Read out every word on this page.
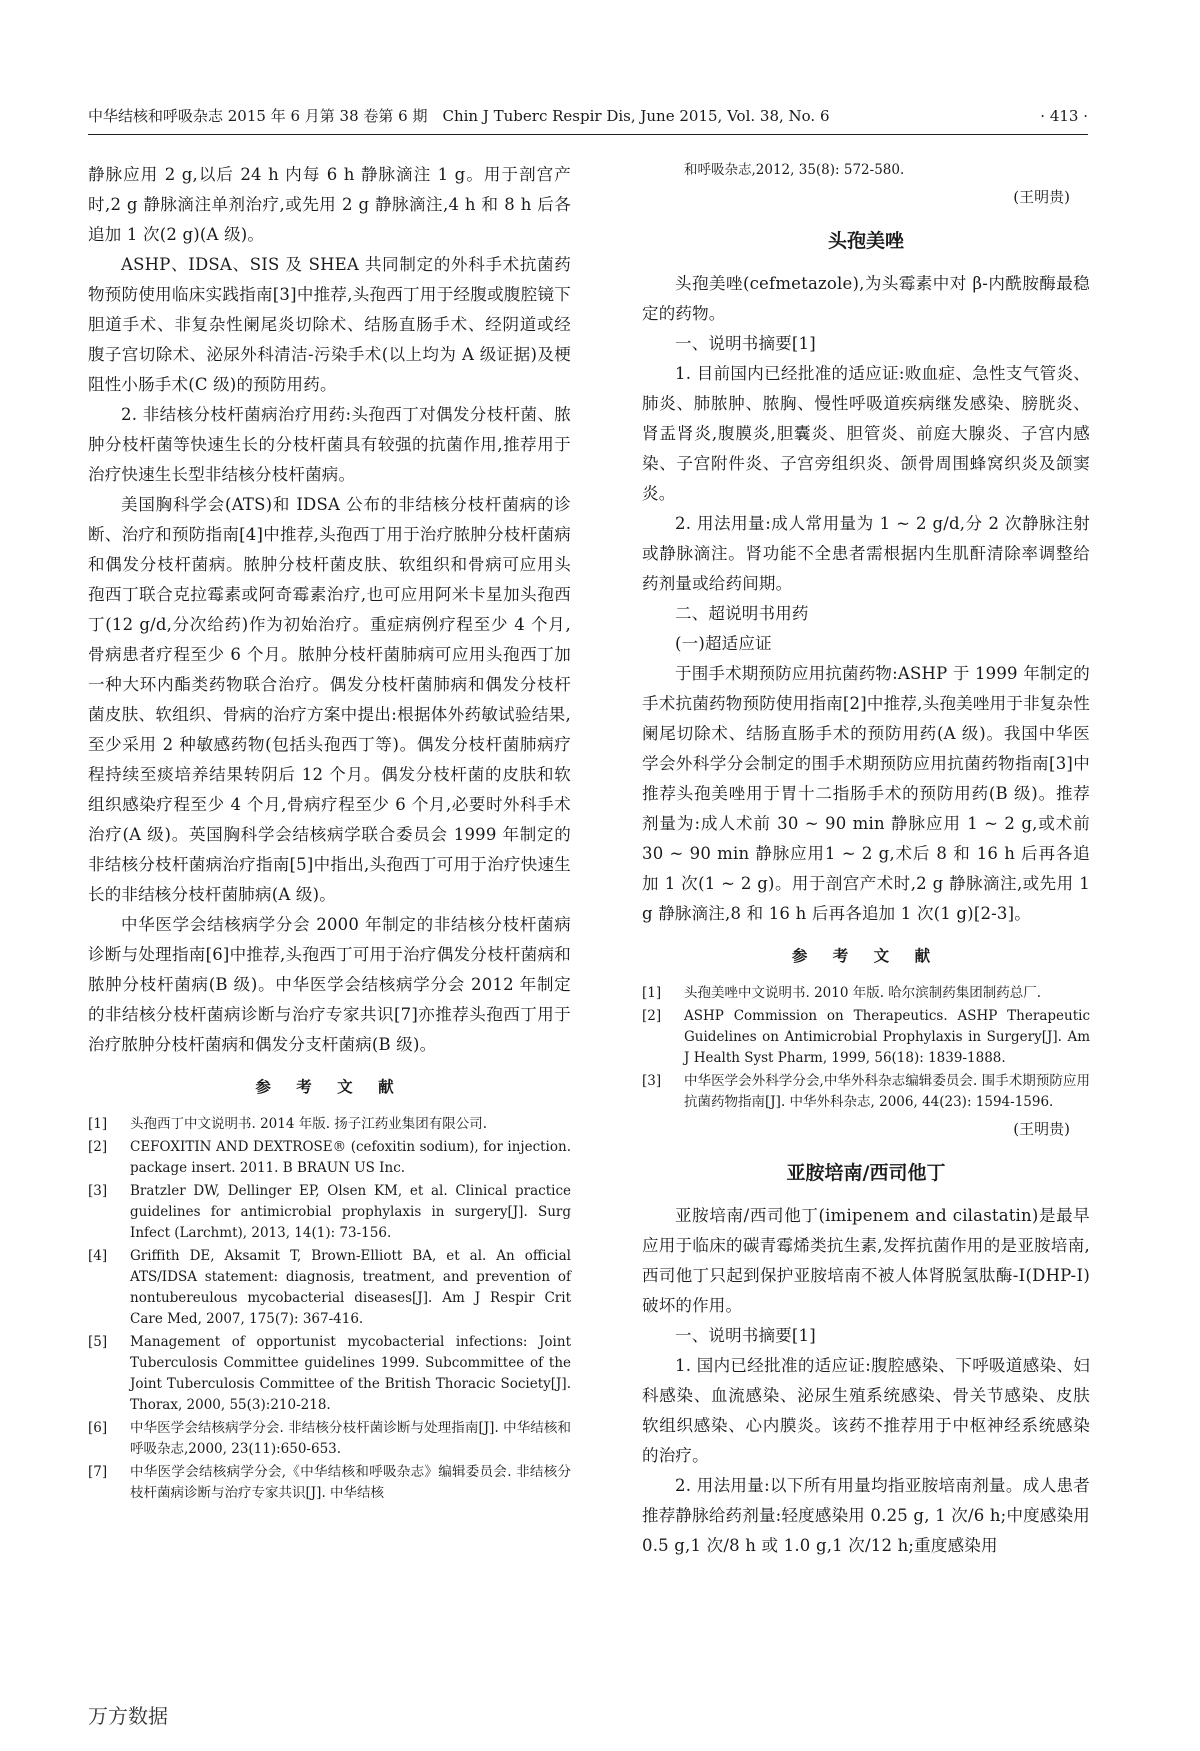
中华结核和呼吸杂志 2015 年 6 月第 38 卷第 6 期　Chin J Tuberc Respir Dis, June 2015, Vol. 38, No. 6	· 413 ·

静脉应用 2 g,以后 24 h 内每 6 h 静脉滴注 1 g。用于剖宫产时,2 g 静脉滴注单剂治疗,或先用 2 g 静脉滴注,4 h 和 8 h 后各追加 1 次(2 g)(A 级)。

ASHP、IDSA、SIS 及 SHEA 共同制定的外科手术抗菌药物预防使用临床实践指南[3]中推荐,头孢西丁用于经腹或腹腔镜下胆道手术、非复杂性阑尾炎切除术、结肠直肠手术、经阴道或经腹子宫切除术、泌尿外科清洁-污染手术(以上均为 A 级证据)及梗阻性小肠手术(C 级)的预防用药。

2. 非结核分枝杆菌病治疗用药:头孢西丁对偶发分枝杆菌、脓肿分枝杆菌等快速生长的分枝杆菌具有较强的抗菌作用,推荐用于治疗快速生长型非结核分枝杆菌病。

美国胸科学会(ATS)和 IDSA 公布的非结核分枝杆菌病的诊断、治疗和预防指南[4]中推荐,头孢西丁用于治疗脓肿分枝杆菌病和偶发分枝杆菌病。脓肿分枝杆菌皮肤、软组织和骨病可应用头孢西丁联合克拉霉素或阿奇霉素治疗,也可应用阿米卡星加头孢西丁(12 g/d,分次给药)作为初始治疗。重症病例疗程至少 4 个月,骨病患者疗程至少 6 个月。脓肿分枝杆菌肺病可应用头孢西丁加一种大环内酯类药物联合治疗。偶发分枝杆菌肺病和偶发分枝杆菌皮肤、软组织、骨病的治疗方案中提出:根据体外药敏试验结果,至少采用 2 种敏感药物(包括头孢西丁等)。偶发分枝杆菌肺病疗程持续至痰培养结果转阴后 12 个月。偶发分枝杆菌的皮肤和软组织感染疗程至少 4 个月,骨病疗程至少 6 个月,必要时外科手术治疗(A 级)。英国胸科学会结核病学联合委员会 1999 年制定的非结核分枝杆菌病治疗指南[5]中指出,头孢西丁可用于治疗快速生长的非结核分枝杆菌肺病(A 级)。

中华医学会结核病学分会 2000 年制定的非结核分枝杆菌病诊断与处理指南[6]中推荐,头孢西丁可用于治疗偶发分枝杆菌病和脓肿分枝杆菌病(B 级)。中华医学会结核病学分会 2012 年制定的非结核分枝杆菌病诊断与治疗专家共识[7]亦推荐头孢西丁用于治疗脓肿分枝杆菌病和偶发分支杆菌病(B 级)。

参 考 文 献
[1] 头孢西丁中文说明书. 2014 年版. 扬子江药业集团有限公司.
[2] CEFOXITIN AND DEXTROSE® (cefoxitin sodium), for injection. package insert. 2011. B BRAUN US Inc.
[3] Bratzler DW, Dellinger EP, Olsen KM, et al. Clinical practice guidelines for antimicrobial prophylaxis in surgery[J]. Surg Infect (Larchmt), 2013, 14(1): 73-156.
[4] Griffith DE, Aksamit T, Brown-Elliott BA, et al. An official ATS/IDSA statement: diagnosis, treatment, and prevention of nontubereulous mycobacterial diseases[J]. Am J Respir Crit Care Med, 2007, 175(7): 367-416.
[5] Management of opportunist mycobacterial infections: Joint Tuberculosis Committee guidelines 1999. Subcommittee of the Joint Tuberculosis Committee of the British Thoracic Society[J]. Thorax, 2000, 55(3):210-218.
[6] 中华医学会结核病学分会. 非结核分枝杆菌诊断与处理指南[J]. 中华结核和呼吸杂志,2000, 23(11):650-653.
[7] 中华医学会结核病学分会,《中华结核和呼吸杂志》编辑委员会. 非结核分枝杆菌病诊断与治疗专家共识[J]. 中华结核
和呼吸杂志,2012, 35(8): 572-580.
(王明贵)
头孢美唑

头孢美唑(cefmetazole),为头霉素中对 β-内酰胺酶最稳定的药物。

一、说明书摘要[1]

1. 目前国内已经批准的适应证:败血症、急性支气管炎、肺炎、肺脓肿、脓胸、慢性呼吸道疾病继发感染、膀胱炎、肾盂肾炎,腹膜炎,胆囊炎、胆管炎、前庭大腺炎、子宫内感染、子宫附件炎、子宫旁组织炎、颌骨周围蜂窝织炎及颌窦炎。

2. 用法用量:成人常用量为 1 ~ 2 g/d,分 2 次静脉注射或静脉滴注。肾功能不全患者需根据内生肌酐清除率调整给药剂量或给药间期。

二、超说明书用药

(一)超适应证

于围手术期预防应用抗菌药物:ASHP 于 1999 年制定的手术抗菌药物预防使用指南[2]中推荐,头孢美唑用于非复杂性阑尾切除术、结肠直肠手术的预防用药(A 级)。我国中华医学会外科学分会制定的围手术期预防应用抗菌药物指南[3]中推荐头孢美唑用于胃十二指肠手术的预防用药(B 级)。推荐剂量为:成人术前 30 ~ 90 min 静脉应用 1 ~ 2 g,或术前 30 ~ 90 min 静脉应用1 ~ 2 g,术后 8 和 16 h 后再各追加 1 次(1 ~ 2 g)。用于剖宫产术时,2 g 静脉滴注,或先用 1 g 静脉滴注,8 和 16 h 后再各追加 1 次(1 g)[2-3]。

参 考 文 献
[1] 头孢美唑中文说明书. 2010 年版. 哈尔滨制药集团制药总厂.
[2] ASHP Commission on Therapeutics. ASHP Therapeutic Guidelines on Antimicrobial Prophylaxis in Surgery[J]. Am J Health Syst Pharm, 1999, 56(18): 1839-1888.
[3] 中华医学会外科学分会,中华外科杂志编辑委员会. 围手术期预防应用抗菌药物指南[J]. 中华外科杂志, 2006, 44(23): 1594-1596.
(王明贵)
亚胺培南/西司他丁

亚胺培南/西司他丁(imipenem and cilastatin)是最早应用于临床的碳青霉烯类抗生素,发挥抗菌作用的是亚胺培南,西司他丁只起到保护亚胺培南不被人体肾脱氢肽酶-Ⅰ(DHP-Ⅰ)破坏的作用。

一、说明书摘要[1]

1. 国内已经批准的适应证:腹腔感染、下呼吸道感染、妇科感染、血流感染、泌尿生殖系统感染、骨关节感染、皮肤软组织感染、心内膜炎。该药不推荐用于中枢神经系统感染的治疗。

2. 用法用量:以下所有用量均指亚胺培南剂量。成人患者推荐静脉给药剂量:轻度感染用 0.25 g, 1 次/6 h;中度感染用 0.5 g,1 次/8 h 或 1.0 g,1 次/12 h;重度感染用

万方数据
